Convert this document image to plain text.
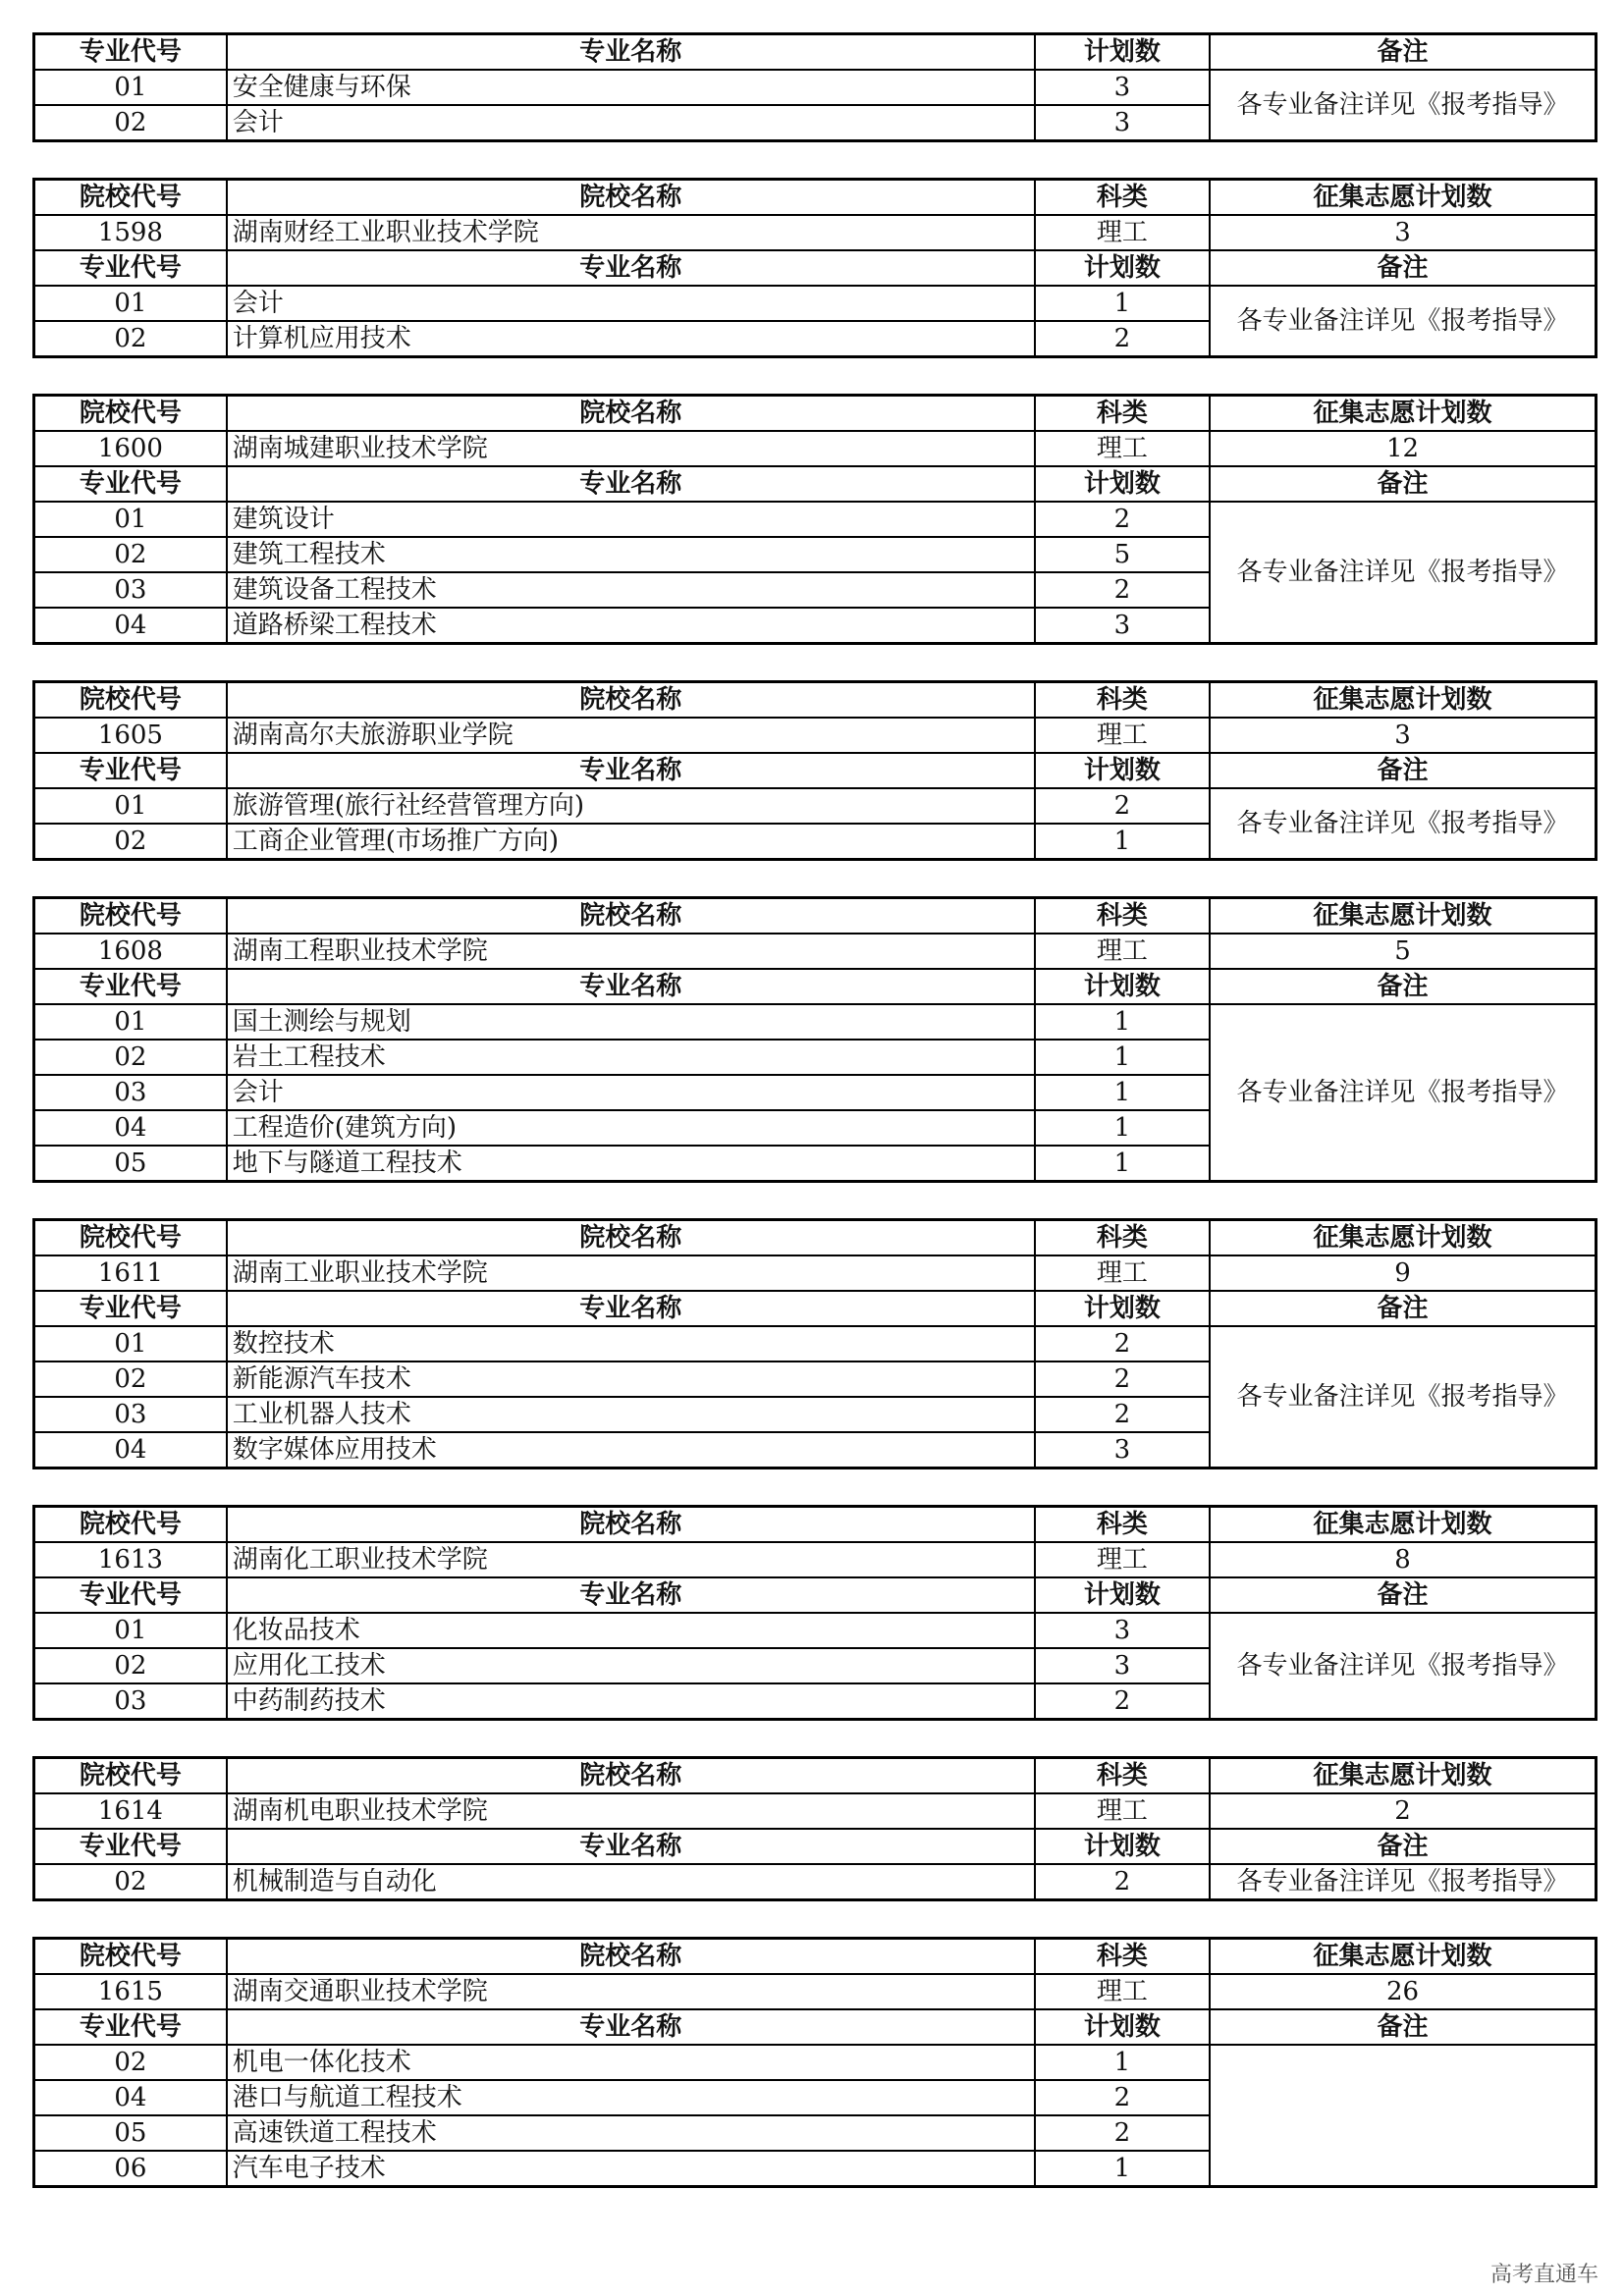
专业代号	专业名称	计划数	备注
01	安全健康与环保	3	各专业备注详见《报考指导》
02	会计	3	
院校代号	院校名称	科类	征集志愿计划数
1598	湖南财经工业职业技术学院	理工	3
专业代号	专业名称	计划数	备注
01	会计	1	各专业备注详见《报考指导》
02	计算机应用技术	2	
院校代号	院校名称	科类	征集志愿计划数
1600	湖南城建职业技术学院	理工	12
专业代号	专业名称	计划数	备注
01	建筑设计	2	各专业备注详见《报考指导》
02	建筑工程技术	5	
03	建筑设备工程技术	2	
04	道路桥梁工程技术	3	
院校代号	院校名称	科类	征集志愿计划数
1605	湖南高尔夫旅游职业学院	理工	3
专业代号	专业名称	计划数	备注
01	旅游管理(旅行社经营管理方向)	2	各专业备注详见《报考指导》
02	工商企业管理(市场推广方向)	1	
院校代号	院校名称	科类	征集志愿计划数
1608	湖南工程职业技术学院	理工	5
专业代号	专业名称	计划数	备注
01	国土测绘与规划	1	各专业备注详见《报考指导》
02	岩土工程技术	1	
03	会计	1	
04	工程造价(建筑方向)	1	
05	地下与隧道工程技术	1	
院校代号	院校名称	科类	征集志愿计划数
1611	湖南工业职业技术学院	理工	9
专业代号	专业名称	计划数	备注
01	数控技术	2	各专业备注详见《报考指导》
02	新能源汽车技术	2	
03	工业机器人技术	2	
04	数字媒体应用技术	3	
院校代号	院校名称	科类	征集志愿计划数
1613	湖南化工职业技术学院	理工	8
专业代号	专业名称	计划数	备注
01	化妆品技术	3	各专业备注详见《报考指导》
02	应用化工技术	3	
03	中药制药技术	2	
院校代号	院校名称	科类	征集志愿计划数
1614	湖南机电职业技术学院	理工	2
专业代号	专业名称	计划数	备注
02	机械制造与自动化	2	各专业备注详见《报考指导》
院校代号	院校名称	科类	征集志愿计划数
1615	湖南交通职业技术学院	理工	26
专业代号	专业名称	计划数	备注
02	机电一体化技术	1	
04	港口与航道工程技术	2	
05	高速铁道工程技术	2	
06	汽车电子技术	1	
高考直通车
